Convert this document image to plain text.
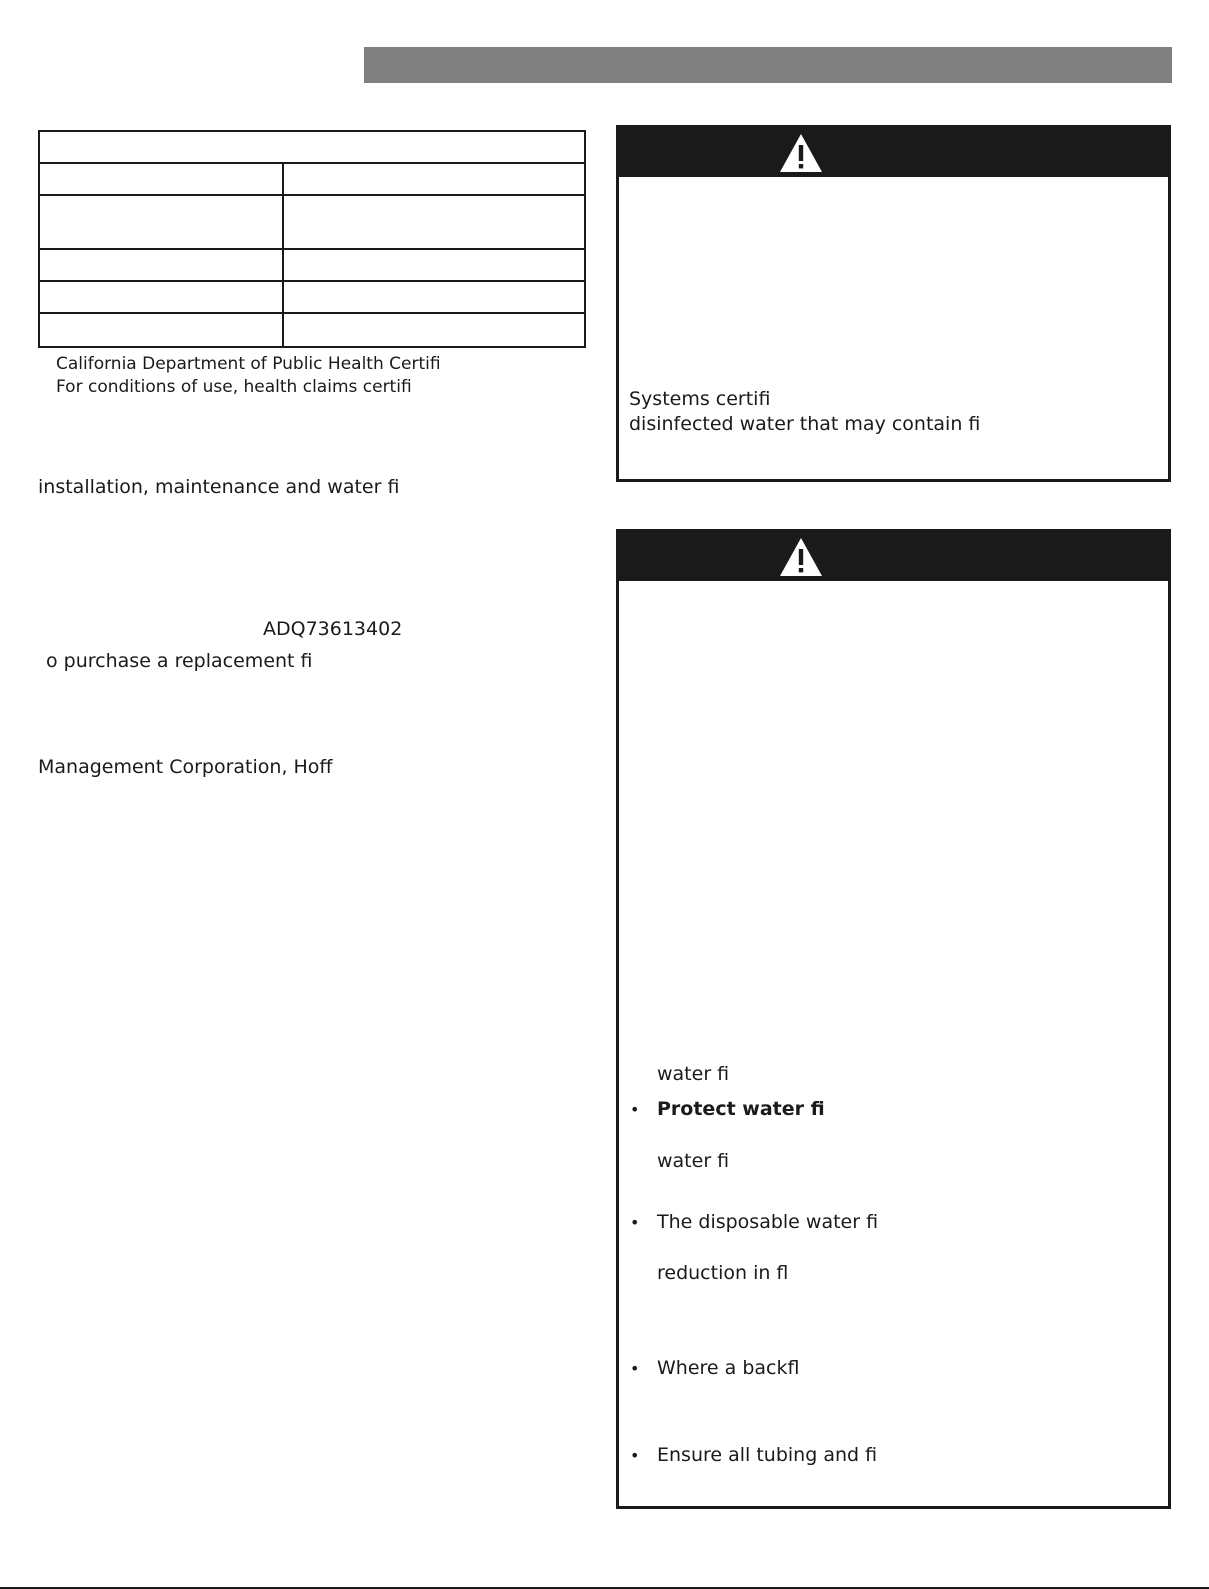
California Department of Public Health Certifi
For conditions of use, health claims certifi
installation, maintenance and water fi
ADQ73613402
o purchase a replacement fi
Management Corporation, Hoff
Systems certifi
disinfected water that may contain fi
water fi
• Protect water fi
water fi
• The disposable water fi
reduction in fl
• Where a backfl
• Ensure all tubing and fi
